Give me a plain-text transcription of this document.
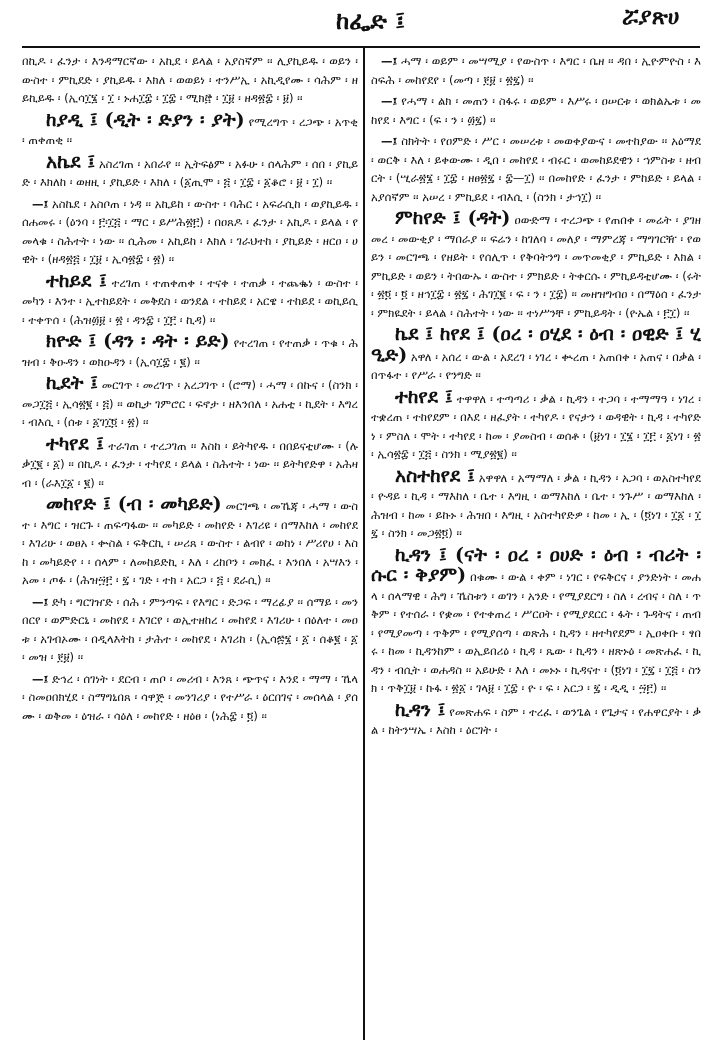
ከፌድ ፤	ሯያጽሀ
በኪዶ ፡ ፈንታ ፡ እንዳማርኛው ፡ አኪደ ፡ ይላል ፡ አያስኛም ፡፡ ሊያኪይዱ ፡ ወይን ፡ ውስተ ፡ ምኪደድ ፡ ያኪይዱ ፡ እክለ ፡ ወወይነ ፡ ተንሥኢ ፡ አኪዲየሙ ፡ ሳሕም ፡ ዘይኪይዱ ፡ (ኢሳ፲፮ ፡ ፲ ፡ ኑሐ፲፰ ፡ ፲፰ ፡ ሚክ፸ ፡ ፲፱ ፡ ዘዳ፳፰ ፡ ፱) ፡፡
ከያዲ ፤ (ዲት ፡ ድያን ፡ ያት) የሚረግጥ ፡ ረጋጭ ፡ አጥቂ ፡ ጠቀጠቂ ፡፡
አኬደ ፤ አስረገጠ ፡ አበራየ ፡፡ ኢትፍፅም ፡ አፉሁ ፡ ሰላሕም ፡ ሰበ ፡ ያኪይድ ፡ እክለከ ፡ ወዘዚ ፡ ያኪይድ ፡ እክለ ፡ (፩ጢሞ ፡ ፭ ፡ ፲፰ ፡ ፩ቆሮ ፡ ፱ ፡ ፲) ፡፡
—፤ አስኬደ ፡ አስቦጠ ፡ ነዳ ፡፡ አኪይከ ፡ ውስተ ፡ ባሕር ፡ አፍራሲከ ፡ ወያኪይዱ ፡ ሰሐመሩ ፡ (ዕንባ ፡ ፫፡፲፭ ፡ ማር ፡ ይሥሕ፳፫) ፡ በዐጸዶ ፡ ፈንታ ፡ አኪዶ ፡ ይላል ፡ የመላቁ ፡ ስሕተት ፡ ነው ፡፡ ሲሕመ ፡ አኪይከ ፡ እክለ ፡ ገራህተከ ፡ ያኪይድ ፡ ዘርዐ ፡ ሀዊት ፡ (ዘዳ፳፭ ፡ ፲፱ ፡ ኢሳ፳፰ ፡ ፳) ፡፡
ተከይደ ፤ ተረገጠ ፡ ተጠቀጠቀ ፡ ተናቀ ፡ ተጠቃ ፡ ተጨቈነ ፡ ውስተ ፡ መካን ፡ እንተ ፡ ኢተከይደት ፡ መቅደስ ፡ ወንደል ፡ ተከይደ ፡ አርዌ ፡ ተከይደ ፡ ወኪይሲ ፡ ተቀጥሰ ፡ (ሕዝ፴፱ ፡ ፳ ፡ ዳን፰ ፡ ፲፫ ፡ ኪዳ) ፡፡
ክዮድ ፤ (ዳን ፡ ዳት ፡ ይድ) የተረገጠ ፡ የተጠቃ ፡ ጥቁ ፡ ሕዝብ ፡ ቅዑዳን ፡ ወክዑዳን ፡ (ኢሳ፲፰ ፡ ፪) ፡፡
ኪደት ፤ መርገጥ ፡ መረገጥ ፡ አረጋገጥ ፡ (ሮማ) ፡ ሓማ ፡ በኩና ፡ (ስንክ ፡ መጋ፲፭ ፡ ኢሳ፳፪ ፡ ፭) ፡፡ ወኪታ ገምሮር ፡ ፍኖታ ፡ ዘእንበለ ፡ አሐቲ ፡ ኪደት ፡ እግረ ፡ ብእሲ ፡ (ሰቱ ፡ ፩ገ፲፬ ፡ ፳) ፡፡
ተካየደ ፤ ተራገጠ ፡ ተረጋገጠ ፡፡ እስከ ፡ ይትካየዱ ፡ በበይናቲሆሙ ፡ (ሉቃ፲፪ ፡ ፩) ፡፡ በኪዶ ፡ ፈንታ ፡ ተካየደ ፡ ይላል ፡ ስሕተት ፡ ነው ፡፡ ይትካየድዋ ፡ አሕዛብ ፡ (ራእ፲፩ ፡ ፪) ፡፡
መከየድ ፤ (ብ ፡ መካይድ) መርገጫ ፡ መኼጃ ፡ ሓማ ፡ ውስተ ፡ እግር ፡ ዝርጉ ፡ ጠፍጣፋው ፡፡ መካይድ ፡ መከየድ ፡ እገሪዩ ፡ በማእከለ ፡ መከየደ ፡ እገሪሁ ፡ ወፀአ ፡ ቍስል ፡ ፍቅርኪ ፡ ሠሪጸ ፡ ውስተ ፡ ልብየ ፡ ወከነ ፡ ሥሪየሀ ፡ እስከ ፡ መካይድየ ፡ ፡ ሰላም ፡ ለመከይድኪ ፡ እለ ፡ ረከቦን ፡ መክፈ ፡ እንበለ ፡ አሣእን ፡ አመ ፡ ጦፉ ፡ (ሕዝ፵፫ ፡ ፯ ፡ ገድ ፡ ተክ ፡ አርጋ ፡ ፭ ፡ ደራሲ) ፡፡
—፤ ድካ ፡ ግርገዠድ ፡ ሰሕ ፡ ምንጣፍ ፡ የእግር ፡ ድጋፍ ፡ ማረፊያ ፡፡ ሰማይ ፡ መንበርየ ፡ ወምድርኒ ፡ መከየደ ፡ እገርየ ፡ ወኢተዘከረ ፡ መከየደ ፡ እገሪሁ ፡ በዕለተ ፡ መዐቱ ፡ አገብኦሙ ፡ በዲላእትከ ፡ ታሕተ ፡ መከየደ ፡ እገሪከ ፡ (ኢሳ፷፮ ፡ ፩ ፡ ሰቆ፪ ፡ ፩ ፡ መዝ ፡ ፻፱) ፡፡
—፤ ድኅረ ፡ ሰገነት ፡ ደርብ ፡ ጠቦ ፡ መሪብ ፡ እንጸ ፡ ጭጥና ፡ እንደ ፡ ማማ ፡ ኼላ ፡ ስመዐበክሂደ ፡ ስማግኒበጸ ፡ ሳዋጅ ፡ መንገሪያ ፡ የተሥራ ፡ ዕርበገና ፡ መሰላል ፡ ያሰሙ ፡ ወቅመ ፡ ዕዝራ ፡ ሳዕለ ፡ መከየድ ፡ ዘዕፀ ፡ (ነሕ፰ ፡ ፬) ፡፡
—፤ ሓማ ፡ ወይም ፡ መሣሚያ ፡ የውስጥ ፡ እግር ፡ ቤዘ ፡፡ ዳበ ፡ ኢዮምዮስ ፡ እስፍሕ ፡ መከየደየ ፡ (መጣ ፡ ፻፱ ፡ ፳፯) ፡፡
—፤ የሓማ ፡ ልክ ፡ መጠን ፡ ስፋሩ ፡ ወይም ፡ እሥሩ ፡ ዐሠርቱ ፡ ወክልኤቱ ፡ መከየደ ፡ እግር ፡ (ፍ ፡ ን ፡ ፴፯) ፡፡
—፤ ስክትት ፡ የዐምድ ፡ ሥር ፡ መሠረቱ ፡ መወቀያውና ፡ መተከያው ፡፡ አዕማደ ፡ ወርቅ ፡ እለ ፡ ይቀውሙ ፡ ዲበ ፡ መከየደ ፡ ብሩር ፡ ወመከይደዊን ፡ ኀምስቱ ፡ ዘብርት ፡ (ሢራ፳፮ ፡ ፲፰ ፡ ዘፀ፳፯ ፡ ፰—፲) ፡፡ በመከየድ ፡ ፈንታ ፡ ምከይድ ፡ ይላል ፡ አያሰኛም ፡፡ አሠረ ፡ ምኪይደ ፡ ብእሲ ፡ (ስንክ ፡ ታኅ፲) ፡፡
ምከየድ ፤ (ዳት) ዐውድማ ፡ ተረጋጭ ፡ የጠበቀ ፡ መሬት ፡ ያገዘመረ ፡ መውቂያ ፡ ማበራያ ፡፡ ፍሬን ፡ ከገለባ ፡ መለያ ፡ ማምረጃ ፡ ማግገርዥ ፡ የወይን ፡ መርገጫ ፡ የዘይት ፡ የሰሊጥ ፡ የቅባትንግ ፡ መጥመቂያ ፡ ምኪይድ ፡ እክል ፡ ምኪይድ ፡ ወይን ፡ ትበውኡ ፡ ውስተ ፡ ምክይድ ፡ ትቀርሱ ፡ ምኪይዳቲሆሙ ፡ (ሩት ፡ ፳፬ ፡ ፬ ፡ ዘኅ፲፰ ፡ ፳፯ ፡ ሕገ፲፪ ፡ ፍ ፡ ን ፡ ፲፰) ፡፡ መዘዝግብዐ ፡ በማዕሰ ፡ ፈንታ ፡ ምክዪደት ፡ ይላል ፡ ስሕተት ፡ ነው ፡፡ ተነሥንቸ ፡ ምኪይዳት ፡ (ዮኤል ፡ ፫፲) ፡፡
ኬደ ፤ ከየደ ፤ (ዐረ ፡ ዐሂደ ፡ ዕብ ፡ ዐዊድ ፤ ሂዒድ) አዋለ ፡ አሰረ ፡ ውል ፡ አደረገ ፡ ነገረ ፡ ቊረጠ ፡ አጠበቀ ፡ አጠና ፡ በቃል ፡ በጥፋተ ፡ የሥራ ፡ የንግድ ፡፡
ተከየደ ፤ ተዋዋለ ፡ ተጣጣሪ ፡ ቃል ፡ ኪዳን ፡ ተጋባ ፡ ተማማዓ ፡ ነገረ ፡ ተቋረጠ ፡ ተከየደም ፡ በእደ ፡ ዘፈያት ፡ ተካየዶ ፡ የናታን ፡ ወዳዊት ፡ ኪዳ ፡ ተካየድነ ፡ ምስለ ፡ ሞት ፡ ተካየደ ፡ ከመ ፡ ያመስብ ፡ ወሰቶ ፡ (፱ነገ ፡ ፲፮ ፡ ፲፫ ፡ ፩ነገ ፡ ፳ ፡ ኢሳ፳፰ ፡ ፲፭ ፡ ስንክ ፡ ሚያ፳፪) ፡፡
አስተከየደ ፤ አዋዋለ ፡ አማማለ ፡ ቃል ፡ ኪዳን ፡ አጋባ ፡ ወአስተካየደ ፡ ዮዳይ ፡ ኪዳ ፡ ማእከለ ፡ ቤተ ፡ እግዚ ፡ ወማእከለ ፡ ቤተ ፡ ንጉሥ ፡ ወማእከለ ፡ ሕዝብ ፡ ከመ ፡ ይኩኑ ፡ ሕዝበ ፡ እግዚ ፡ አስተካየድዎ ፡ ከመ ፡ ኢ ፡ (፬ነገ ፡ ፲፩ ፡ ፲፯ ፡ ስንክ ፡ መጋ፳፬) ፡፡
ኪዳን ፤ (ናት ፡ ዐረ ፡ ዐሀድ ፡ ዕብ ፡ ብሪት ፡ ሱር ፡ ቅያም) በቁሙ ፡ ውል ፡ ቀም ፡ ነገር ፡ የፍቅርና ፡ ያንድነት ፡ መሐላ ፡ ሰላማዊ ፡ ሕግ ፡ ኼስቱን ፡ ወገን ፡ አንድ ፡ የሚያደርግ ፡ ስለ ፡ ረብና ፡ ስለ ፡ ጥቅም ፡ የተሰራ ፡ የቋመ ፡ የተቀጠረ ፡ ሥርዐት ፡ የሚያደርር ፡ ፋት ፡ ጉዳትና ፡ ጠብ ፡ የሚያመጣ ፡ ጥቅም ፡ የሚያሰጣ ፡ ወጽሕ ፡ ኪዳን ፡ ዘተካየደም ፡ ኢዐቀቡ ፡ ፃበሩ ፡ ከመ ፡ ኪዳንከም ፡ ወኢይበሪዕ ፡ ኪዳ ፡ ጼው ፡ ኪዳን ፡ ዘጽኑዕ ፡ መጽሐፈ ፡ ኪዳን ፡ ብሲት ፡ ወሐዳስ ፡፡ አይሁድ ፡ እለ ፡ መኑኑ ፡ ኪዳናተ ፡ (፬ነገ ፡ ፲፯ ፡ ፲፭ ፡ ስንክ ፡ ጥቅ፲፱ ፡ ኩፋ ፡ ፳፩ ፡ ገላ፱ ፡ ፲፰ ፡ ዮ ፡ ፍ ፡ አርጋ ፡ ፯ ፡ ዲዲ ፡ ፵፫) ፡፡
ኪዳን ፤ የመጽሐፍ ፡ ስም ፡ ተረፈ ፡ ወንጌል ፡ የጌታና ፡ የሐዋርያት ፡ ቃል ፡ ከትንሣኤ ፡ እስከ ፡ ዕርገት ፡
